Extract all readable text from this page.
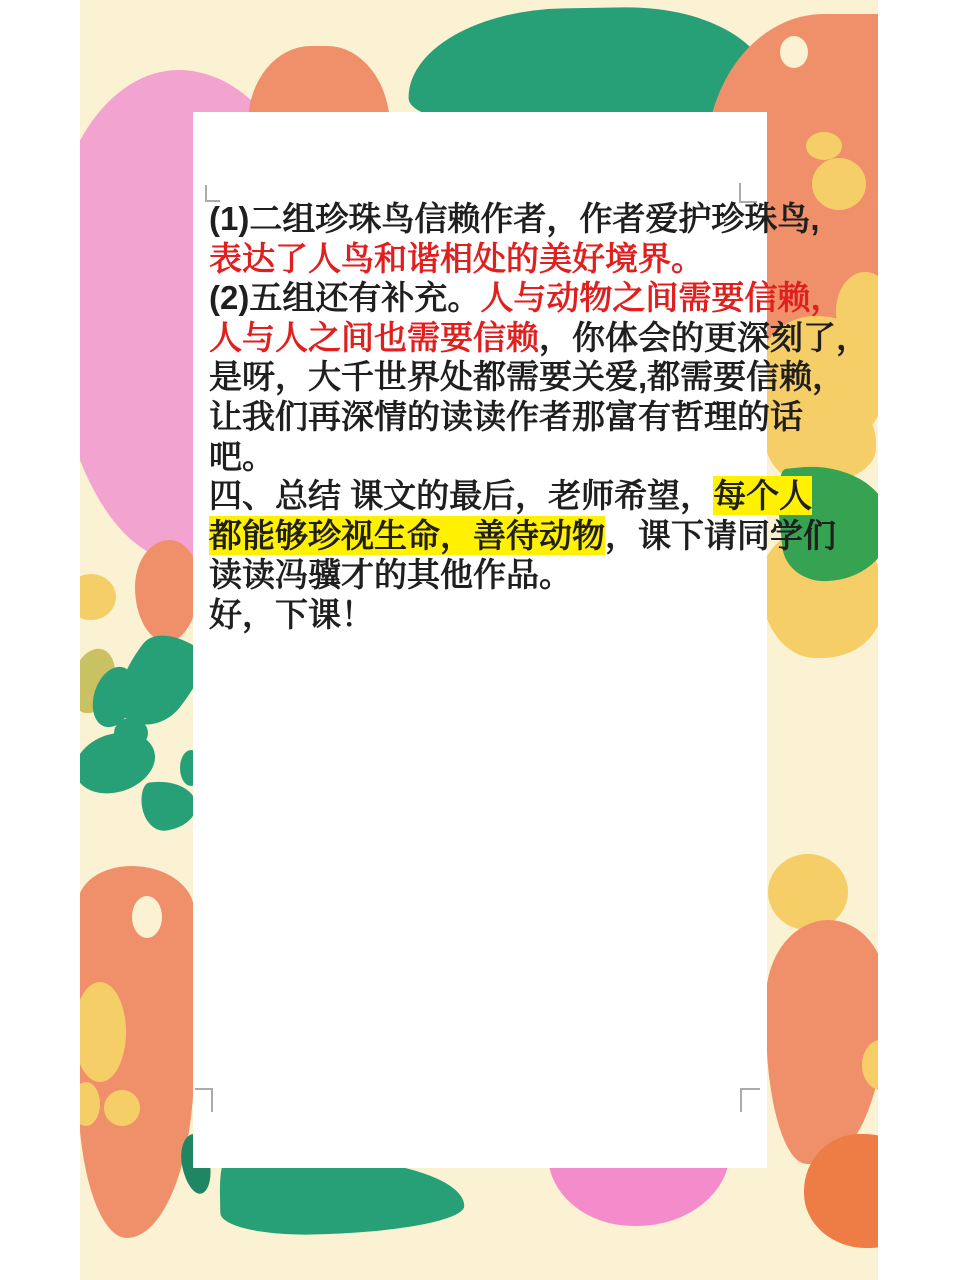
(1)二组珍珠鸟信赖作者，作者爱护珍珠鸟,
表达了人鸟和谐相处的美好境界。
(2)五组还有补充。人与动物之间需要信赖，
人与人之间也需要信赖，你体会的更深刻了，
是呀，大千世界处都需要关爱,都需要信赖，
让我们再深情的读读作者那富有哲理的话
吧。
四、总结 课文的最后，老师希望，每个人
都能够珍视生命，善待动物，课下请同学们
读读冯骥才的其他作品。
好，下课！
